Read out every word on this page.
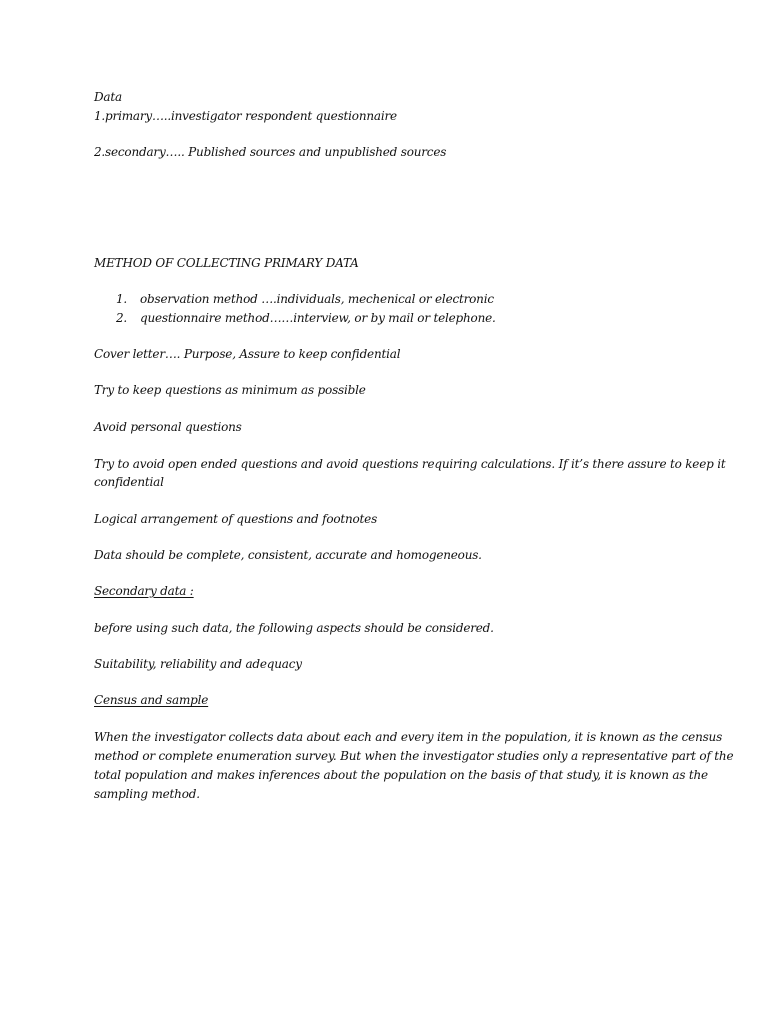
Data
1.primary…..investigator respondent questionnaire
2.secondary….. Published sources and unpublished sources
METHOD OF COLLECTING PRIMARY DATA
1. observation method ….individuals, mechenical or electronic
2. questionnaire method……interview, or by mail or telephone.
Cover letter…. Purpose, Assure to keep confidential
Try to keep questions as minimum as possible
Avoid personal questions
Try to avoid open ended questions and avoid questions requiring calculations. If it’s there assure to keep it
confidential
Logical arrangement of questions and footnotes
Data should be complete, consistent, accurate and homogeneous.
Secondary data :
before using such data, the following aspects should be considered.
Suitability, reliability and adequacy
Census and sample
When the investigator collects data about each and every item in the population, it is known as the census
method or complete enumeration survey. But when the investigator studies only a representative part of the
total population and makes inferences about the population on the basis of that study, it is known as the
sampling method.
